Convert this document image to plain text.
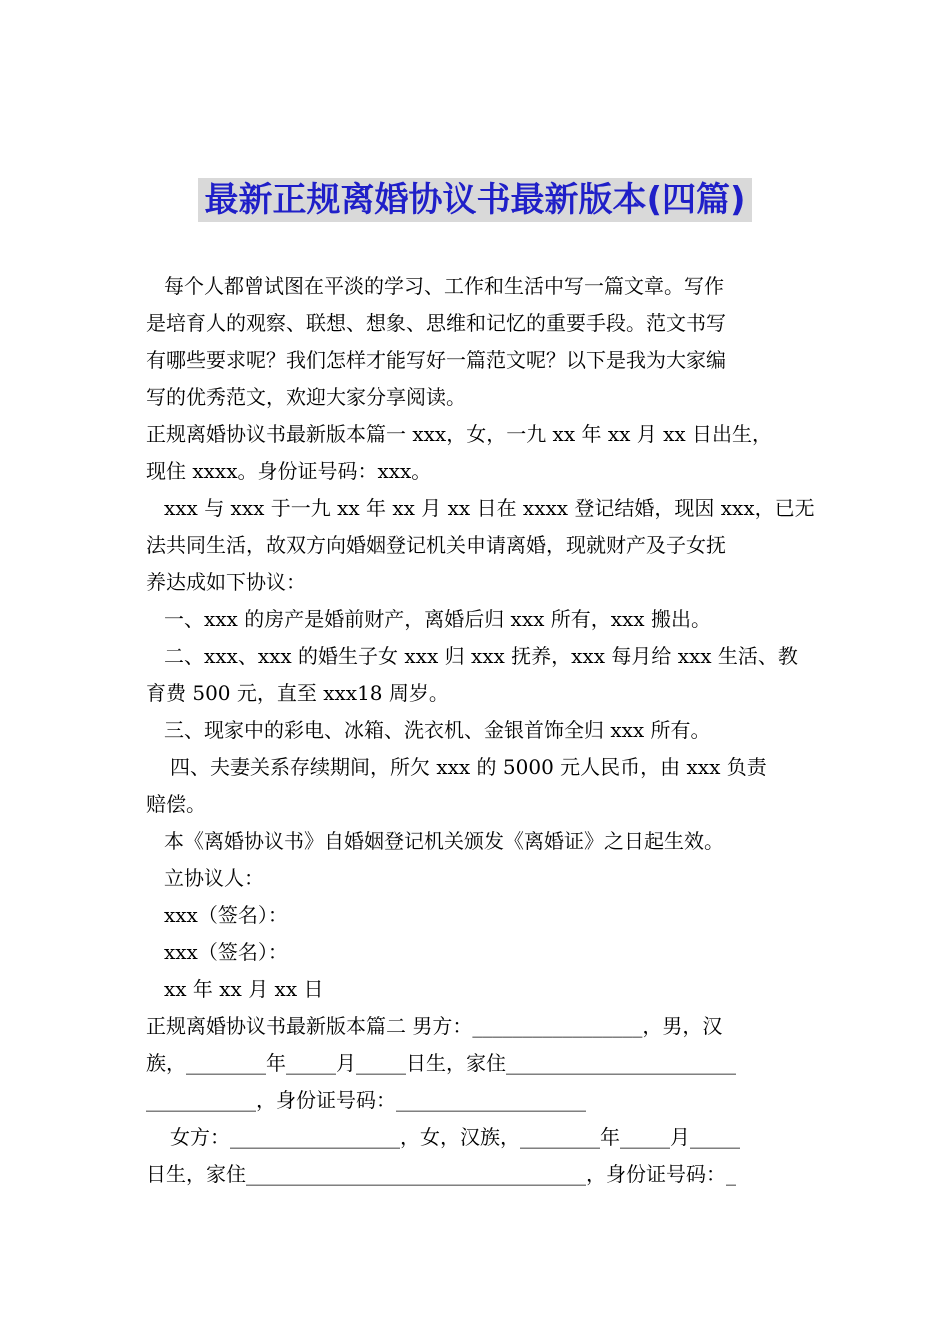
最新正规离婚协议书最新版本(四篇)
每个人都曾试图在平淡的学习、工作和生活中写一篇文章。写作
是培育人的观察、联想、想象、思维和记忆的重要手段。范文书写
有哪些要求呢？我们怎样才能写好一篇范文呢？以下是我为大家编
写的优秀范文，欢迎大家分享阅读。
正规离婚协议书最新版本篇一 xxx，女，一九 xx 年 xx 月 xx 日出生，
现住 xxxx。身份证号码：xxx。
xxx 与 xxx 于一九 xx 年 xx 月 xx 日在 xxxx 登记结婚，现因 xxx，已无
法共同生活，故双方向婚姻登记机关申请离婚，现就财产及子女抚
养达成如下协议：
一、xxx 的房产是婚前财产，离婚后归 xxx 所有，xxx 搬出。
二、xxx、xxx 的婚生子女 xxx 归 xxx 抚养，xxx 每月给 xxx 生活、教
育费 500 元，直至 xxx18 周岁。
三、现家中的彩电、冰箱、洗衣机、金银首饰全归 xxx 所有。
四、夫妻关系存续期间，所欠 xxx 的 5000 元人民币，由 xxx 负责
赔偿。
本《离婚协议书》自婚姻登记机关颁发《离婚证》之日起生效。
立协议人：
xxx（签名）：
xxx（签名）：
xx 年 xx 月 xx 日
正规离婚协议书最新版本篇二 男方：_________________，男，汉
族，________年_____月_____日生，家住_______________________
___________，身份证号码：___________________
女方：_________________，女，汉族，________年_____月_____
日生，家住__________________________________，身份证号码：_
